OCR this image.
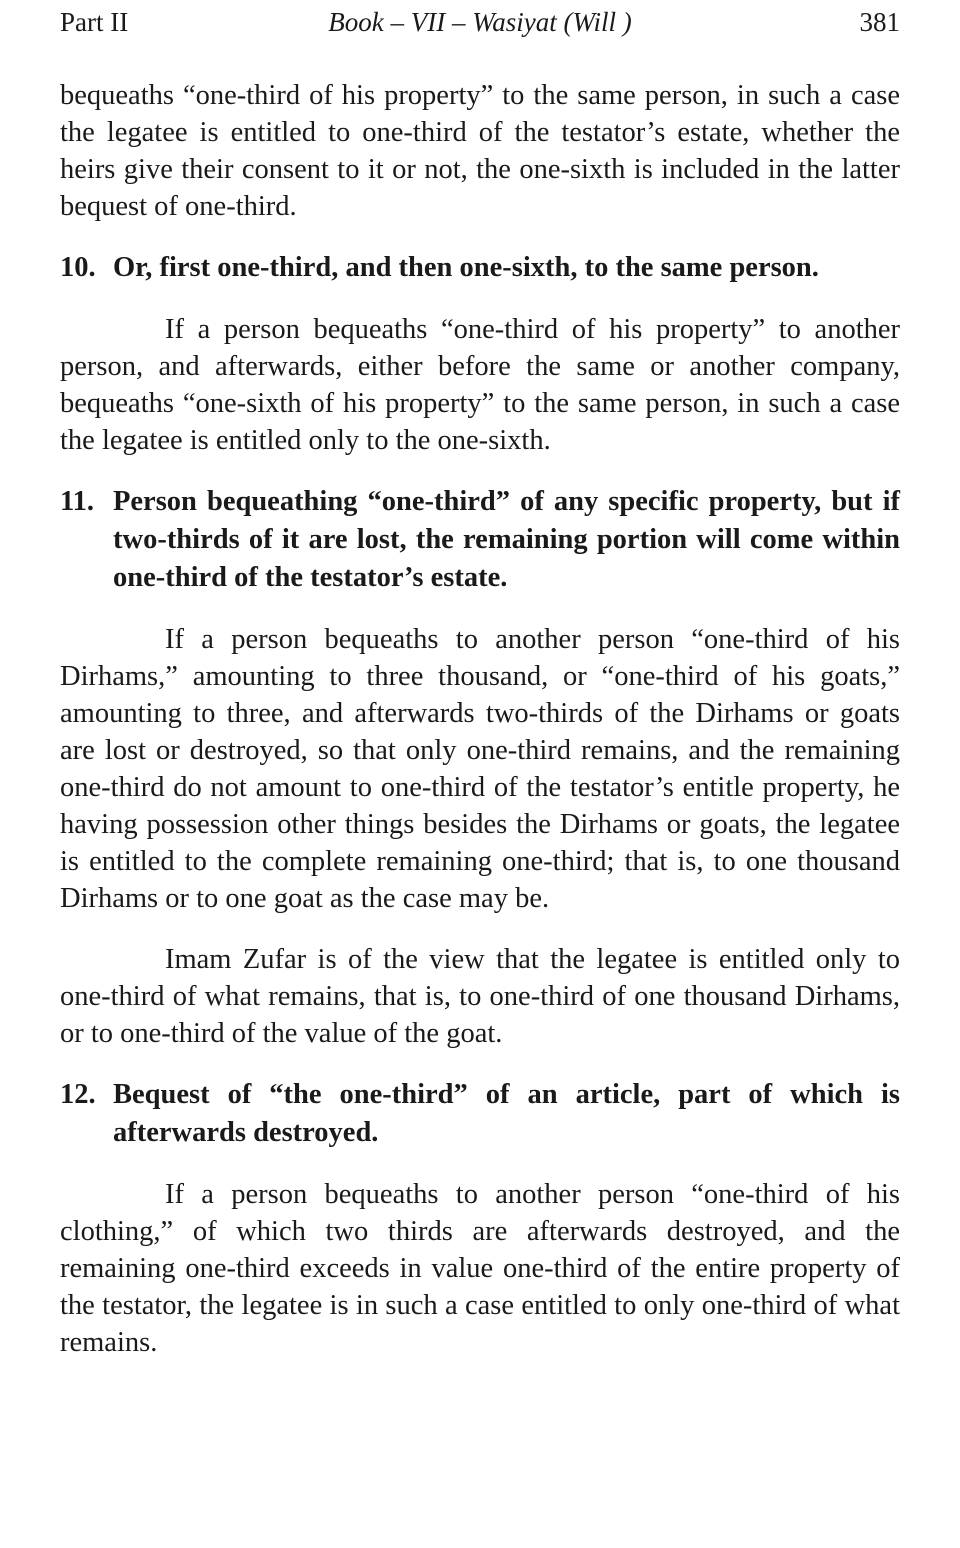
Part II	Book – VII – Wasiyat (Will )	381

bequeaths “one-third of his property” to the same person, in such a case the legatee is entitled to one-third of the testator’s estate, whether the heirs give their consent to it or not, the one-sixth is included in the latter bequest of one-third.

10. Or, first one-third, and then one-sixth, to the same person.

If a person bequeaths “one-third of his property” to another person, and afterwards, either before the same or another company, bequeaths “one-sixth of his property” to the same person, in such a case the legatee is entitled only to the one-sixth.

11. Person bequeathing “one-third” of any specific property, but if two-thirds of it are lost, the remaining portion will come within one-third of the testator’s estate.

If a person bequeaths to another person “one-third of his Dirhams,” amounting to three thousand, or “one-third of his goats,” amounting to three, and afterwards two-thirds of the Dirhams or goats are lost or destroyed, so that only one-third remains, and the remaining one-third do not amount to one-third of the testator’s entitle property, he having possession other things besides the Dirhams or goats, the legatee is entitled to the complete remaining one-third; that is, to one thousand Dirhams or to one goat as the case may be.

Imam Zufar is of the view that the legatee is entitled only to one-third of what remains, that is, to one-third of one thousand Dirhams, or to one-third of the value of the goat.

12. Bequest of “the one-third” of an article, part of which is afterwards destroyed.

If a person bequeaths to another person “one-third of his clothing,” of which two thirds are afterwards destroyed, and the remaining one-third exceeds in value one-third of the entire property of the testator, the legatee is in such a case entitled to only one-third of what remains.
